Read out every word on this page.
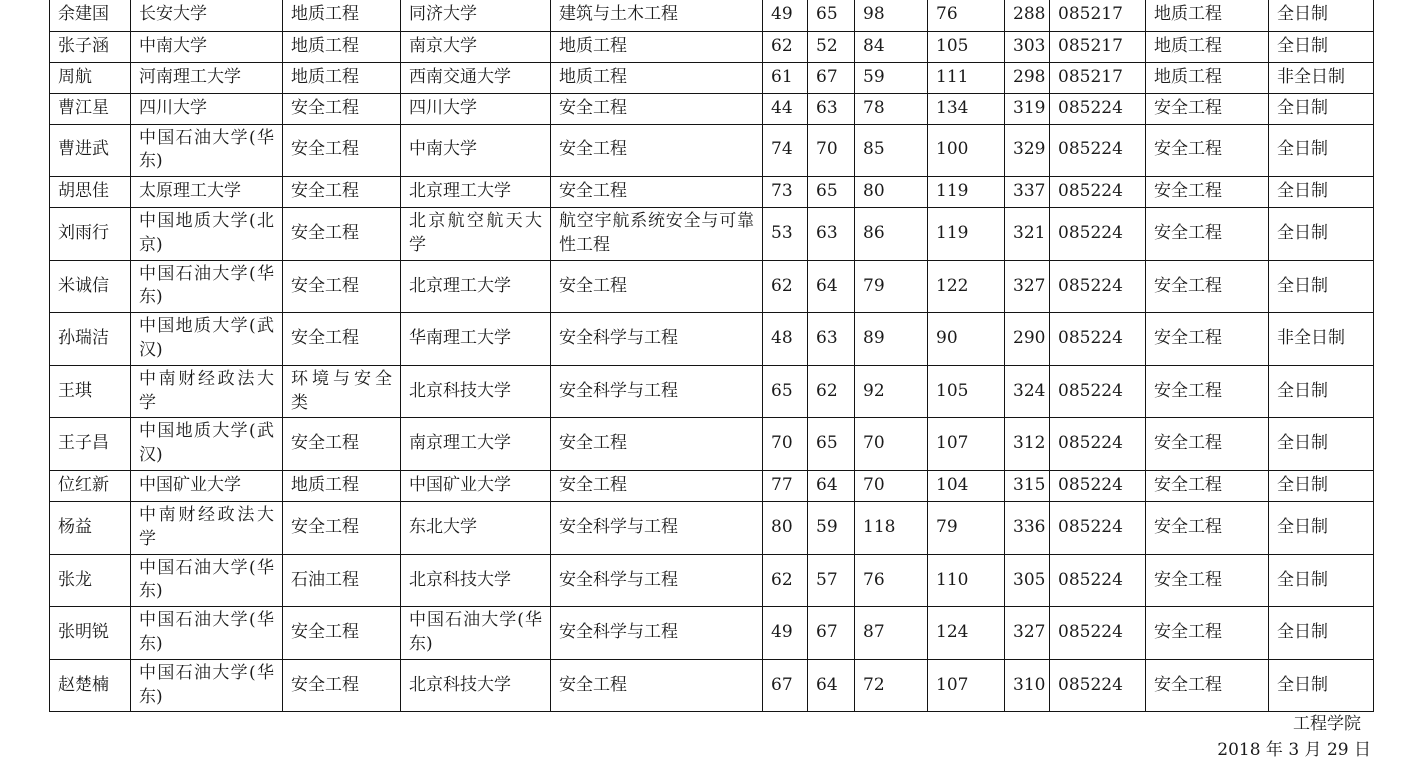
余建国	长安大学	地质工程	同济大学	建筑与土木工程	49	65	98	76	288	085217	地质工程	全日制
张子涵	中南大学	地质工程	南京大学	地质工程	62	52	84	105	303	085217	地质工程	全日制
周航	河南理工大学	地质工程	西南交通大学	地质工程	61	67	59	111	298	085217	地质工程	非全日制
曹江星	四川大学	安全工程	四川大学	安全工程	44	63	78	134	319	085224	安全工程	全日制
曹进武	中国石油大学(华东)	安全工程	中南大学	安全工程	74	70	85	100	329	085224	安全工程	全日制
胡思佳	太原理工大学	安全工程	北京理工大学	安全工程	73	65	80	119	337	085224	安全工程	全日制
刘雨行	中国地质大学(北京)	安全工程	北京航空航天大学	航空宇航系统安全与可靠性工程	53	63	86	119	321	085224	安全工程	全日制
米诚信	中国石油大学(华东)	安全工程	北京理工大学	安全工程	62	64	79	122	327	085224	安全工程	全日制
孙瑞洁	中国地质大学(武汉)	安全工程	华南理工大学	安全科学与工程	48	63	89	90	290	085224	安全工程	非全日制
王琪	中南财经政法大学	环境与安全类	北京科技大学	安全科学与工程	65	62	92	105	324	085224	安全工程	全日制
王子昌	中国地质大学(武汉)	安全工程	南京理工大学	安全工程	70	65	70	107	312	085224	安全工程	全日制
位红新	中国矿业大学	地质工程	中国矿业大学	安全工程	77	64	70	104	315	085224	安全工程	全日制
杨益	中南财经政法大学	安全工程	东北大学	安全科学与工程	80	59	118	79	336	085224	安全工程	全日制
张龙	中国石油大学(华东)	石油工程	北京科技大学	安全科学与工程	62	57	76	110	305	085224	安全工程	全日制
张明锐	中国石油大学(华东)	安全工程	中国石油大学(华东)	安全科学与工程	49	67	87	124	327	085224	安全工程	全日制
赵楚楠	中国石油大学(华东)	安全工程	北京科技大学	安全工程	67	64	72	107	310	085224	安全工程	全日制
工程学院
2018 年 3 月 29 日
